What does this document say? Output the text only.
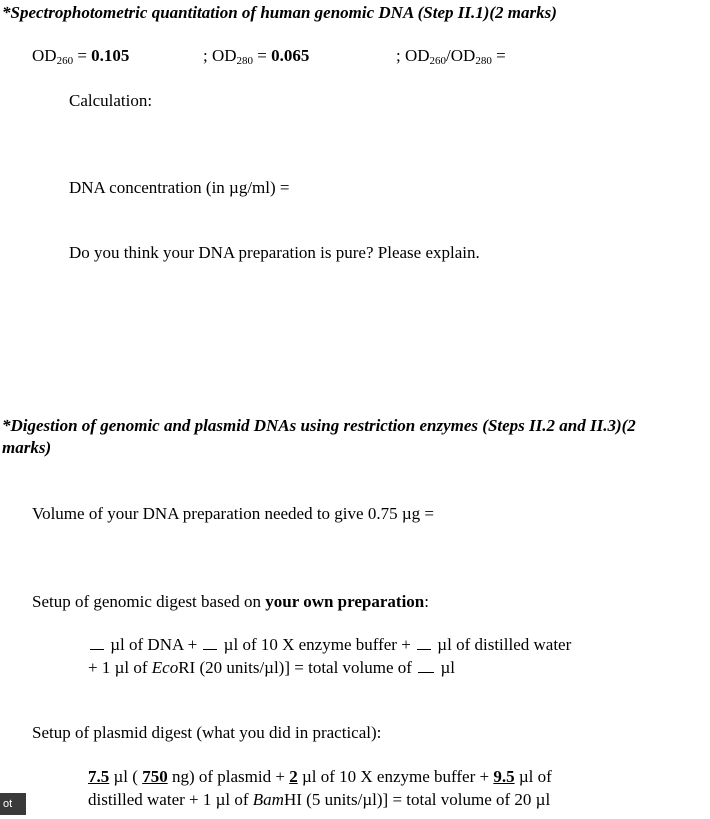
*Spectrophotometric quantitation of human genomic DNA (Step II.1)(2 marks)
$OD_{260} = 0.105$	; $OD_{280} = 0.065$	; $OD_{260}/OD_{280}$ =
Calculation:
DNA concentration (in µg/ml) =
Do you think your DNA preparation is pure? Please explain.
*Digestion of genomic and plasmid DNAs using restriction enzymes (Steps II.2 and II.3)(2
marks)
Volume of your DNA preparation needed to give 0.75 µg =
Setup of genomic digest based on your own preparation:
µl of DNA + µl of 10 X enzyme buffer + µl of distilled water
+ 1 µl of EcoRI (20 units/µl)] = total volume of µl
Setup of plasmid digest (what you did in practical):
7.5 µl ( 750 ng) of plasmid + 2 µl of 10 X enzyme buffer + 9.5 µl of
distilled water + 1 µl of BamHI (5 units/µl)] = total volume of 20 µl
ot
